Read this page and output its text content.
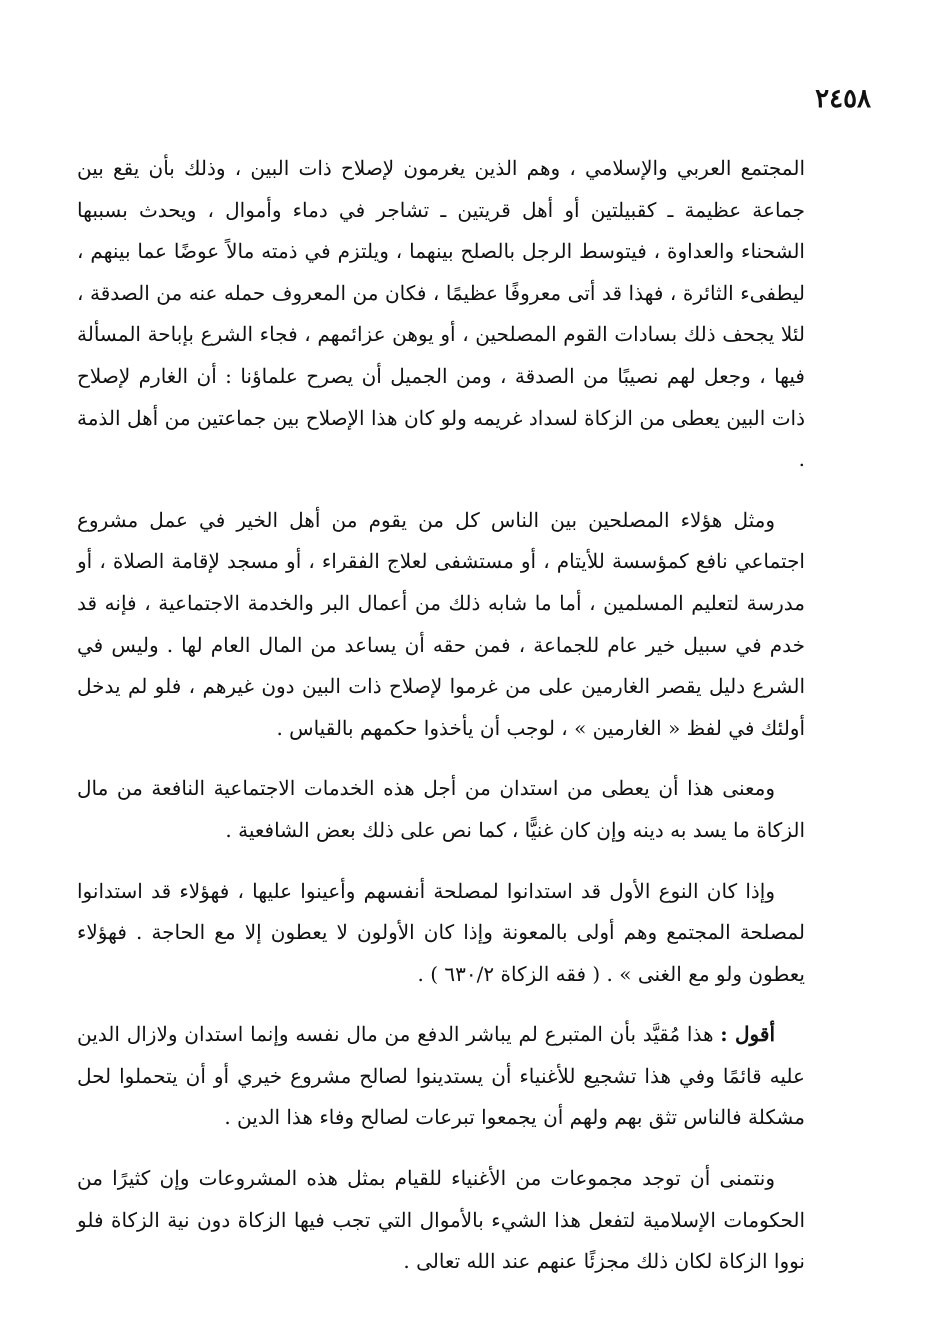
٢٤٥٨

المجتمع العربي والإسلامي ، وهم الذين يغرمون لإصلاح ذات البين ، وذلك بأن يقع بين جماعة عظيمة ـ كقبيلتين أو أهل قريتين ـ تشاجر في دماء وأموال ، ويحدث بسببها الشحناء والعداوة ، فيتوسط الرجل بالصلح بينهما ، ويلتزم في ذمته مالاً عوضًا عما بينهم ، ليطفىء الثائرة ، فهذا قد أتى معروفًا عظيمًا ، فكان من المعروف حمله عنه من الصدقة ، لئلا يجحف ذلك بسادات القوم المصلحين ، أو يوهن عزائمهم ، فجاء الشرع بإباحة المسألة فيها ، وجعل لهم نصيبًا من الصدقة ، ومن الجميل أن يصرح علماؤنا : أن الغارم لإصلاح ذات البين يعطى من الزكاة لسداد غريمه ولو كان هذا الإصلاح بين جماعتين من أهل الذمة .

ومثل هؤلاء المصلحين بين الناس كل من يقوم من أهل الخير في عمل مشروع اجتماعي نافع كمؤسسة للأيتام ، أو مستشفى لعلاج الفقراء ، أو مسجد لإقامة الصلاة ، أو مدرسة لتعليم المسلمين ، أما ما شابه ذلك من أعمال البر والخدمة الاجتماعية ، فإنه قد خدم في سبيل خير عام للجماعة ، فمن حقه أن يساعد من المال العام لها . وليس في الشرع دليل يقصر الغارمين على من غرموا لإصلاح ذات البين دون غيرهم ، فلو لم يدخل أولئك في لفظ « الغارمين » ، لوجب أن يأخذوا حكمهم بالقياس .

ومعنى هذا أن يعطى من استدان من أجل هذه الخدمات الاجتماعية النافعة من مال الزكاة ما يسد به دينه وإن كان غنيًّا ، كما نص على ذلك بعض الشافعية .

وإذا كان النوع الأول قد استدانوا لمصلحة أنفسهم وأعينوا عليها ، فهؤلاء قد استدانوا لمصلحة المجتمع وهم أولى بالمعونة وإذا كان الأولون لا يعطون إلا مع الحاجة . فهؤلاء يعطون ولو مع الغنى » . ( فقه الزكاة ٦٣٠/٢ ) .

أقول : هذا مُقيَّد بأن المتبرع لم يباشر الدفع من مال نفسه وإنما استدان ولازال الدين عليه قائمًا وفي هذا تشجيع للأغنياء أن يستدينوا لصالح مشروع خيري أو أن يتحملوا لحل مشكلة فالناس تثق بهم ولهم أن يجمعوا تبرعات لصالح وفاء هذا الدين .

ونتمنى أن توجد مجموعات من الأغنياء للقيام بمثل هذه المشروعات وإن كثيرًا من الحكومات الإسلامية لتفعل هذا الشيء بالأموال التي تجب فيها الزكاة دون نية الزكاة فلو نووا الزكاة لكان ذلك مجزئًا عنهم عند الله تعالى .
